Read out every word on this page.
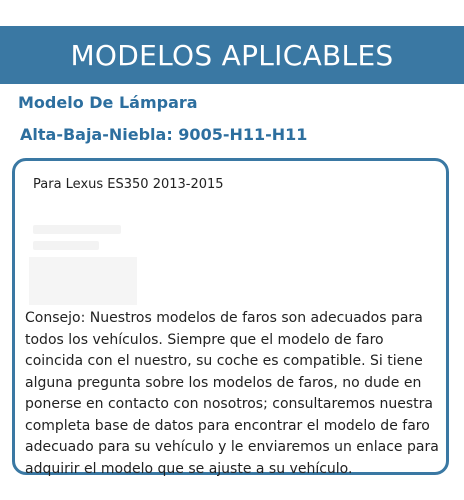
MODELOS APLICABLES
Modelo De Lámpara
Alta-Baja-Niebla: 9005-H11-H11
Para Lexus ES350 2013-2015
Consejo: Nuestros modelos de faros son adecuados para todos los vehículos. Siempre que el modelo de faro coincida con el nuestro, su coche es compatible. Si tiene alguna pregunta sobre los modelos de faros, no dude en ponerse en contacto con nosotros; consultaremos nuestra completa base de datos para encontrar el modelo de faro adecuado para su vehículo y le enviaremos un enlace para adquirir el modelo que se ajuste a su vehículo.
